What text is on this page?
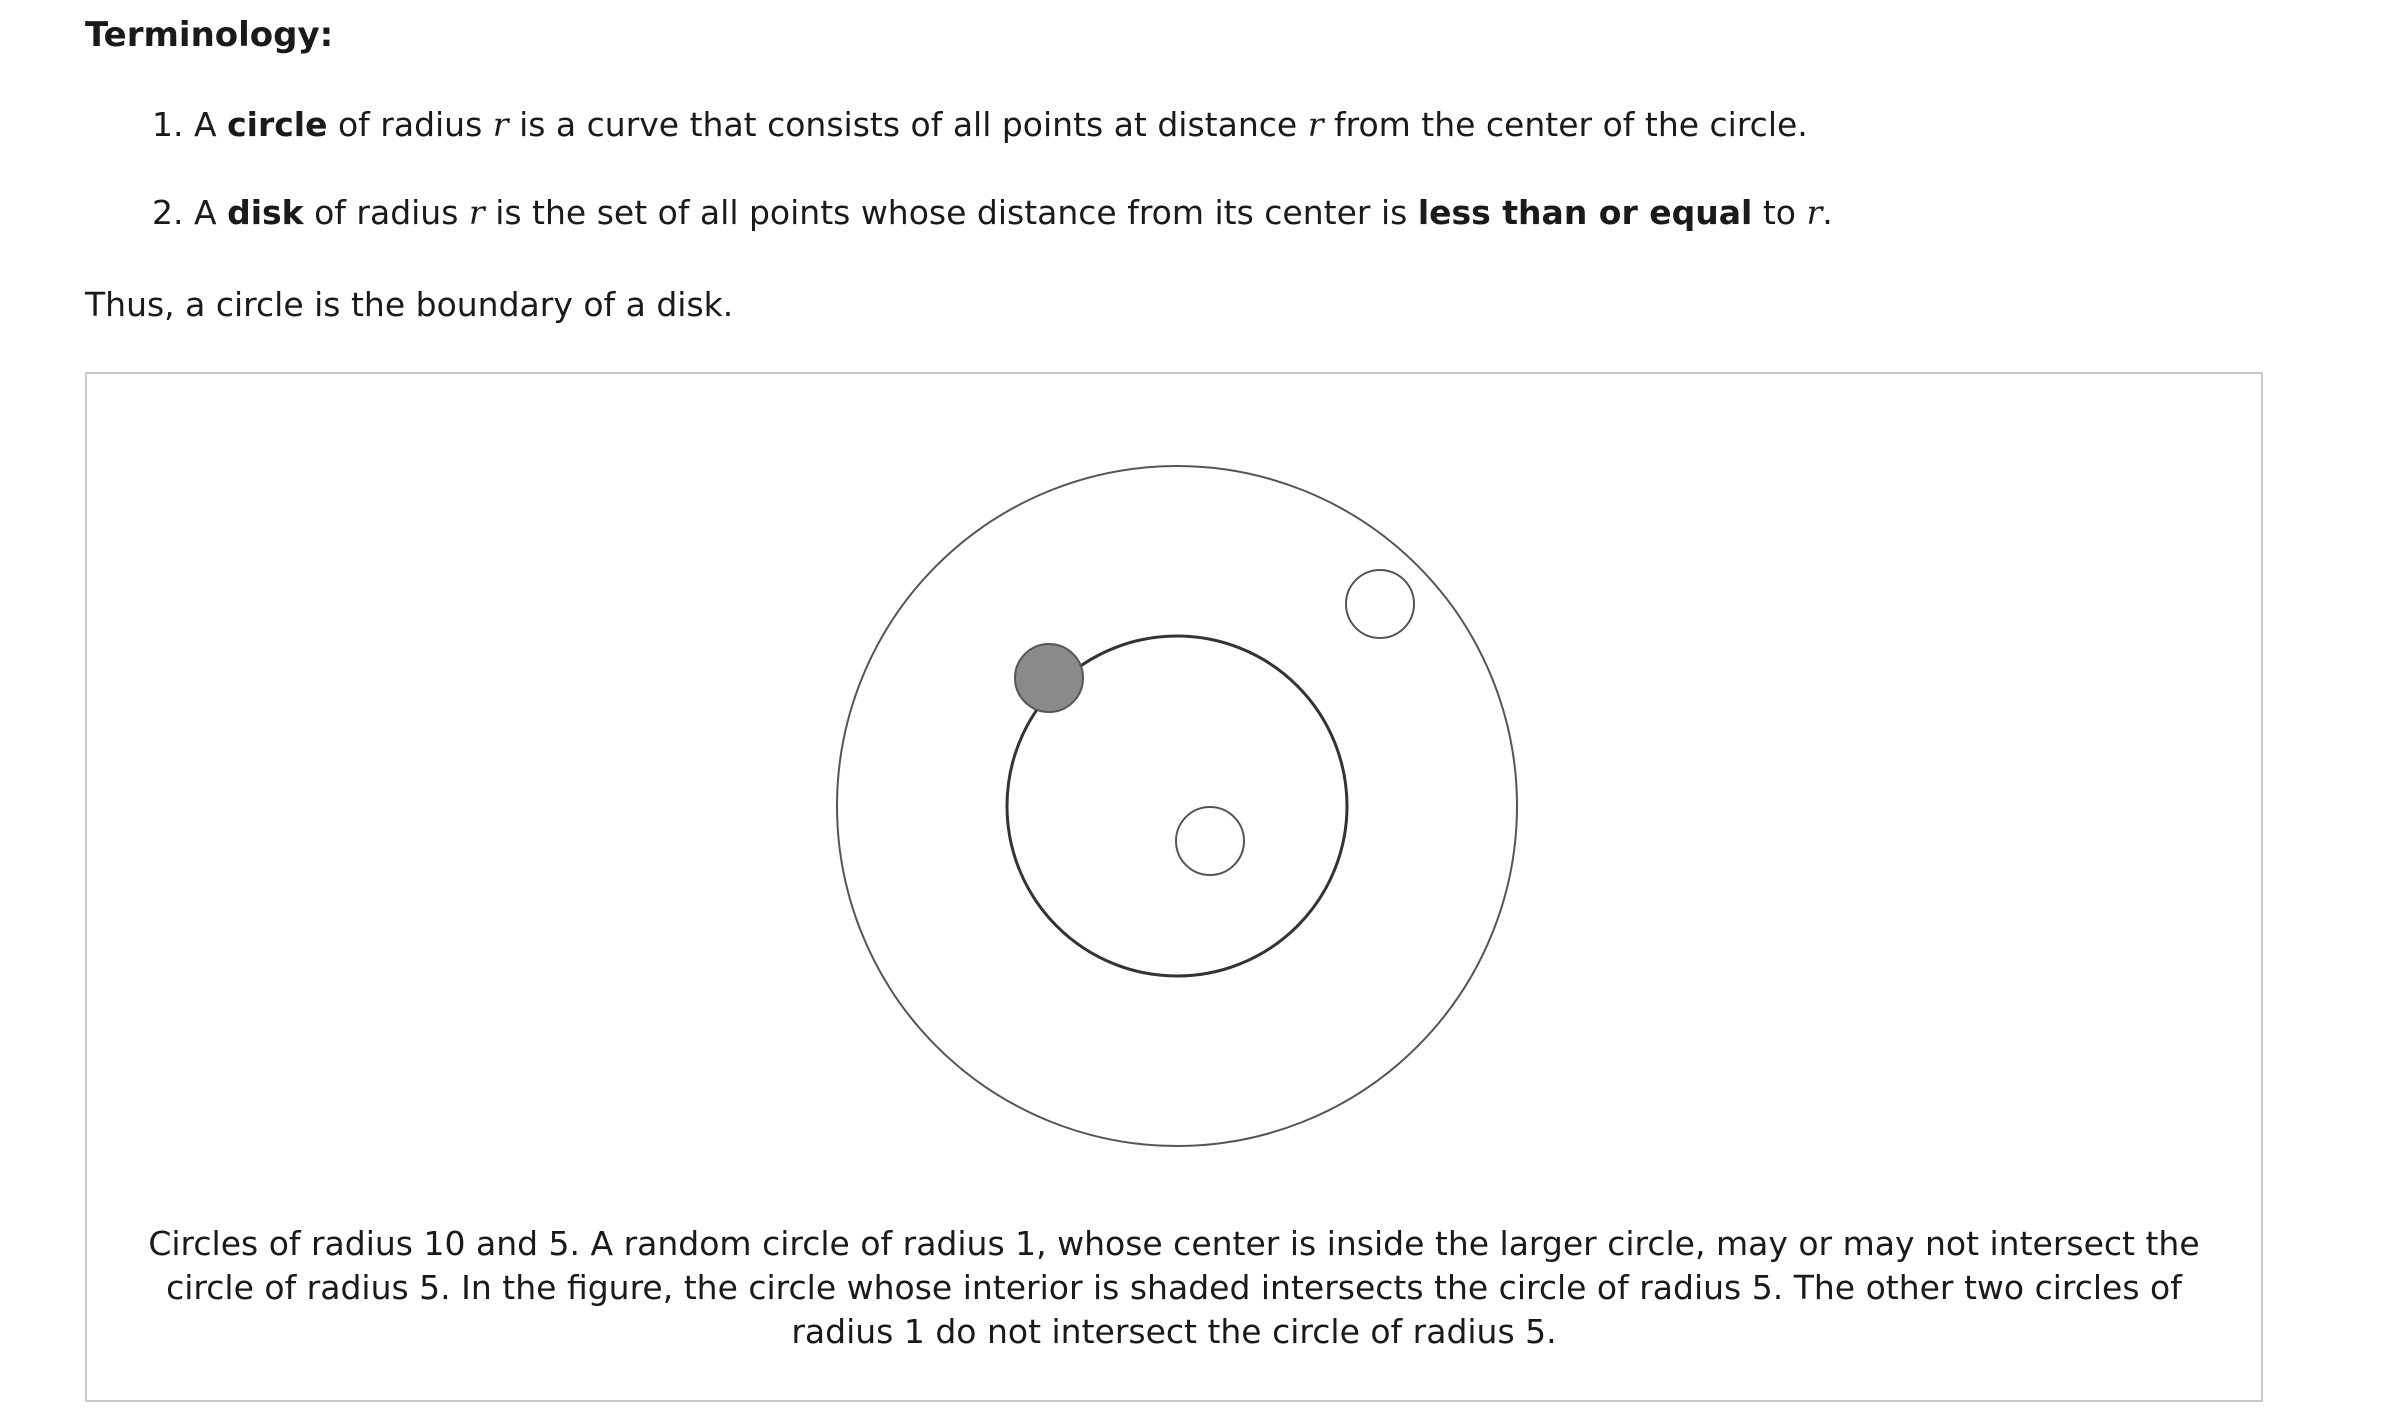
Terminology:
1. A circle of radius r is a curve that consists of all points at distance r from the center of the circle.
2. A disk of radius r is the set of all points whose distance from its center is less than or equal to r.

Thus, a circle is the boundary of a disk.

Circles of radius 10 and 5. A random circle of radius 1, whose center is inside the larger circle, may or may not intersect the circle of radius 5. In the figure, the circle whose interior is shaded intersects the circle of radius 5. The other two circles of radius 1 do not intersect the circle of radius 5.
